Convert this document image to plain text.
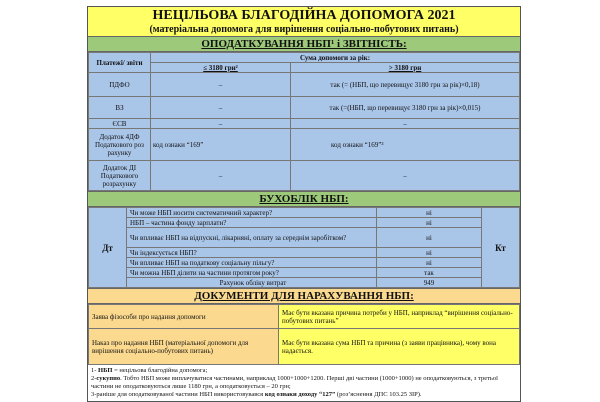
НЕЦІЛЬОВА БЛАГОДІЙНА ДОПОМОГА 2021
(матеріальна допомога для вирішення соціально-побутових питань)
ОПОДАТКУВАННЯ НБП¹ і ЗВІТНІСТЬ:
Платежі/ звіти	Сума допомоги за рік:	
	≤ 3180 грн²	> 3180 грн
ПДФО	–	так (= (НБП, що перевищує 3180 грн за рік)×0,18)
ВЗ	–	так (=(НБП, що перевищує 3180 грн за рік)×0,015)
ЄСВ	–	–
Додаток 4ДФ Податкового роз рахунку	код ознаки “169”	код ознаки “169”³
Додаток ДІ Податкового розрахунку	–	–
БУХОБЛІК НБП:
Дт	Чи може НБП носити систематичний характер?	ні	Кт
	НБП – частина фонду зарплати?	ні	
	Чи впливає НБП на відпускні, лікарняні, оплату за середнім заробітком?	ні	
	Чи індексується НБП?	ні	
	Чи впливає НБП на податкову соціальну пільгу?	ні	
	Чи можна НБП ділити на частини протягом року?	так	
	Рахунок обліку витрат	949	
ДОКУМЕНТИ ДЛЯ НАРАХУВАННЯ НБП:
Заява фізособи про надання допомоги	Має бути вказана причина потреби у НБП, наприклад “вирішення соціально-побутових питань”
Наказ про надання НБП (матеріальної допомоги для вирішення соціально-побутових питань)	Має бути вказана сума НБП та причина (з заяви працівника), чому вона надається.
1- НБП = нецільова благодійна допомога;
2-сукупно. Тобто НБП може виплачуватися частинами, наприклад 1000+1000+1200. Перші дві частини (1000+1000) не оподатковуються, з третьої частини не оподатковуються лише 1180 грн, а оподатковується – 20 грн;
3-раніше для оподатковуваної частини НБП використовувався код ознаки доходу “127” (роз’яснення ДПС 103.25 ЗІР).
